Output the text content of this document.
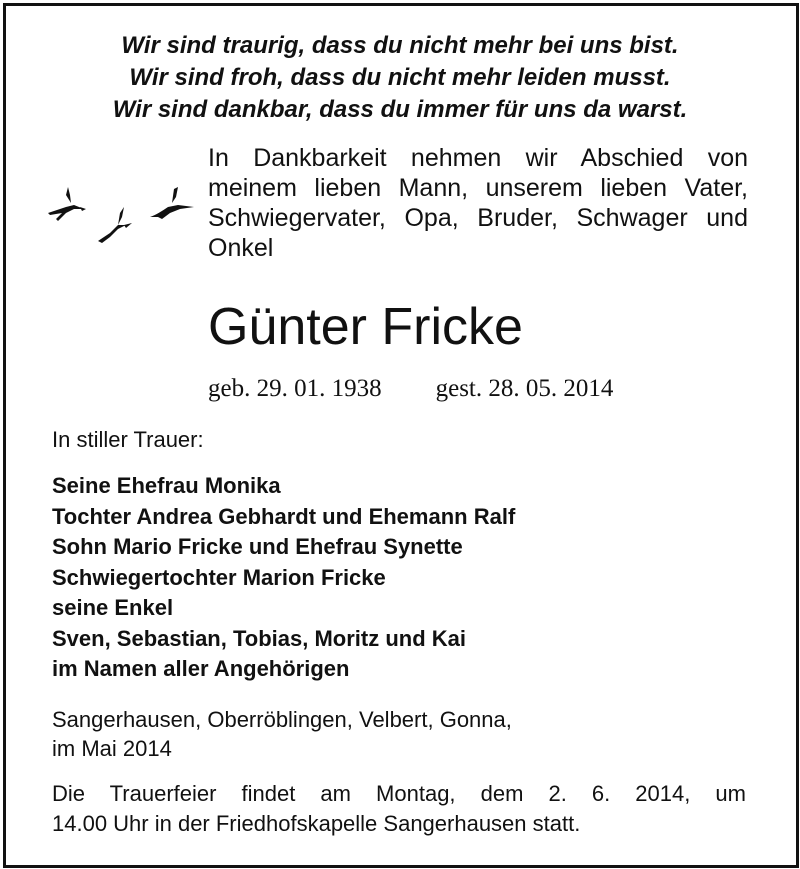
Wir sind traurig, dass du nicht mehr bei uns bist.
Wir sind froh, dass du nicht mehr leiden musst.
Wir sind dankbar, dass du immer für uns da warst.
In Dankbarkeit nehmen wir Abschied von
meinem lieben Mann, unserem lieben Vater,
Schwiegervater, Opa, Bruder, Schwager und
Onkel
Günter Fricke
geb. 29. 01. 1938 gest. 28. 05. 2014
In stiller Trauer:
Seine Ehefrau Monika
Tochter Andrea Gebhardt und Ehemann Ralf
Sohn Mario Fricke und Ehefrau Synette
Schwiegertochter Marion Fricke
seine Enkel
Sven, Sebastian, Tobias, Moritz und Kai
im Namen aller Angehörigen
Sangerhausen, Oberröblingen, Velbert, Gonna,
im Mai 2014
Die Trauerfeier findet am Montag, dem 2. 6. 2014, um
14.00 Uhr in der Friedhofskapelle Sangerhausen statt.
